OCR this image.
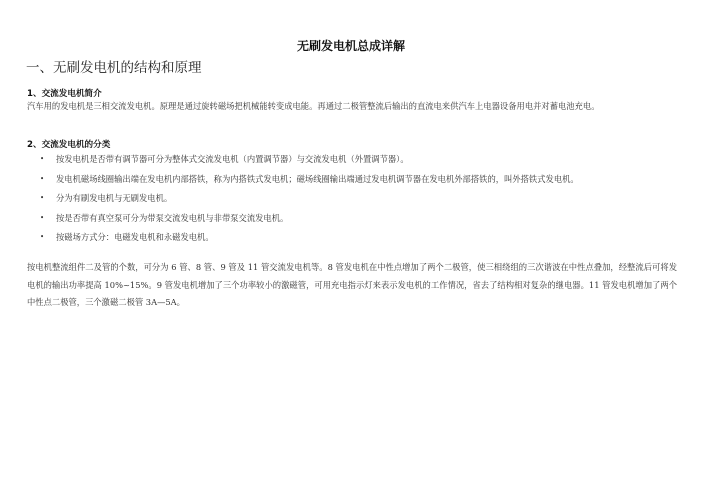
无刷发电机总成详解
一、无刷发电机的结构和原理
1、交流发电机简介
汽车用的发电机是三相交流发电机。原理是通过旋转磁场把机械能转变成电能。再通过二极管整流后输出的直流电来供汽车上电器设备用电并对蓄电池充电。
2、交流发电机的分类
• 按发电机是否带有调节器可分为整体式交流发电机（内置调节器）与交流发电机（外置调节器）。
• 发电机磁场线圈输出端在发电机内部搭铁，称为内搭铁式发电机；磁场线圈输出端通过发电机调节器在发电机外部搭铁的，叫外搭铁式发电机。
• 分为有刷发电机与无刷发电机。
• 按是否带有真空泵可分为带泵交流发电机与非带泵交流发电机。
• 按磁场方式分：电磁发电机和永磁发电机。
按电机整流组件二及管的个数，可分为 6 管、8 管、9 管及 11 管交流发电机等。8 管发电机在中性点增加了两个二极管，使三相绕组的三次谐波在中性点叠加，经整流后可将发电机的输出功率提高 10%~15%。9 管发电机增加了三个功率较小的激磁管，可用充电指示灯来表示发电机的工作情况，省去了结构相对复杂的继电器。11 管发电机增加了两个中性点二极管，三个激磁二极管 3A—5A。
